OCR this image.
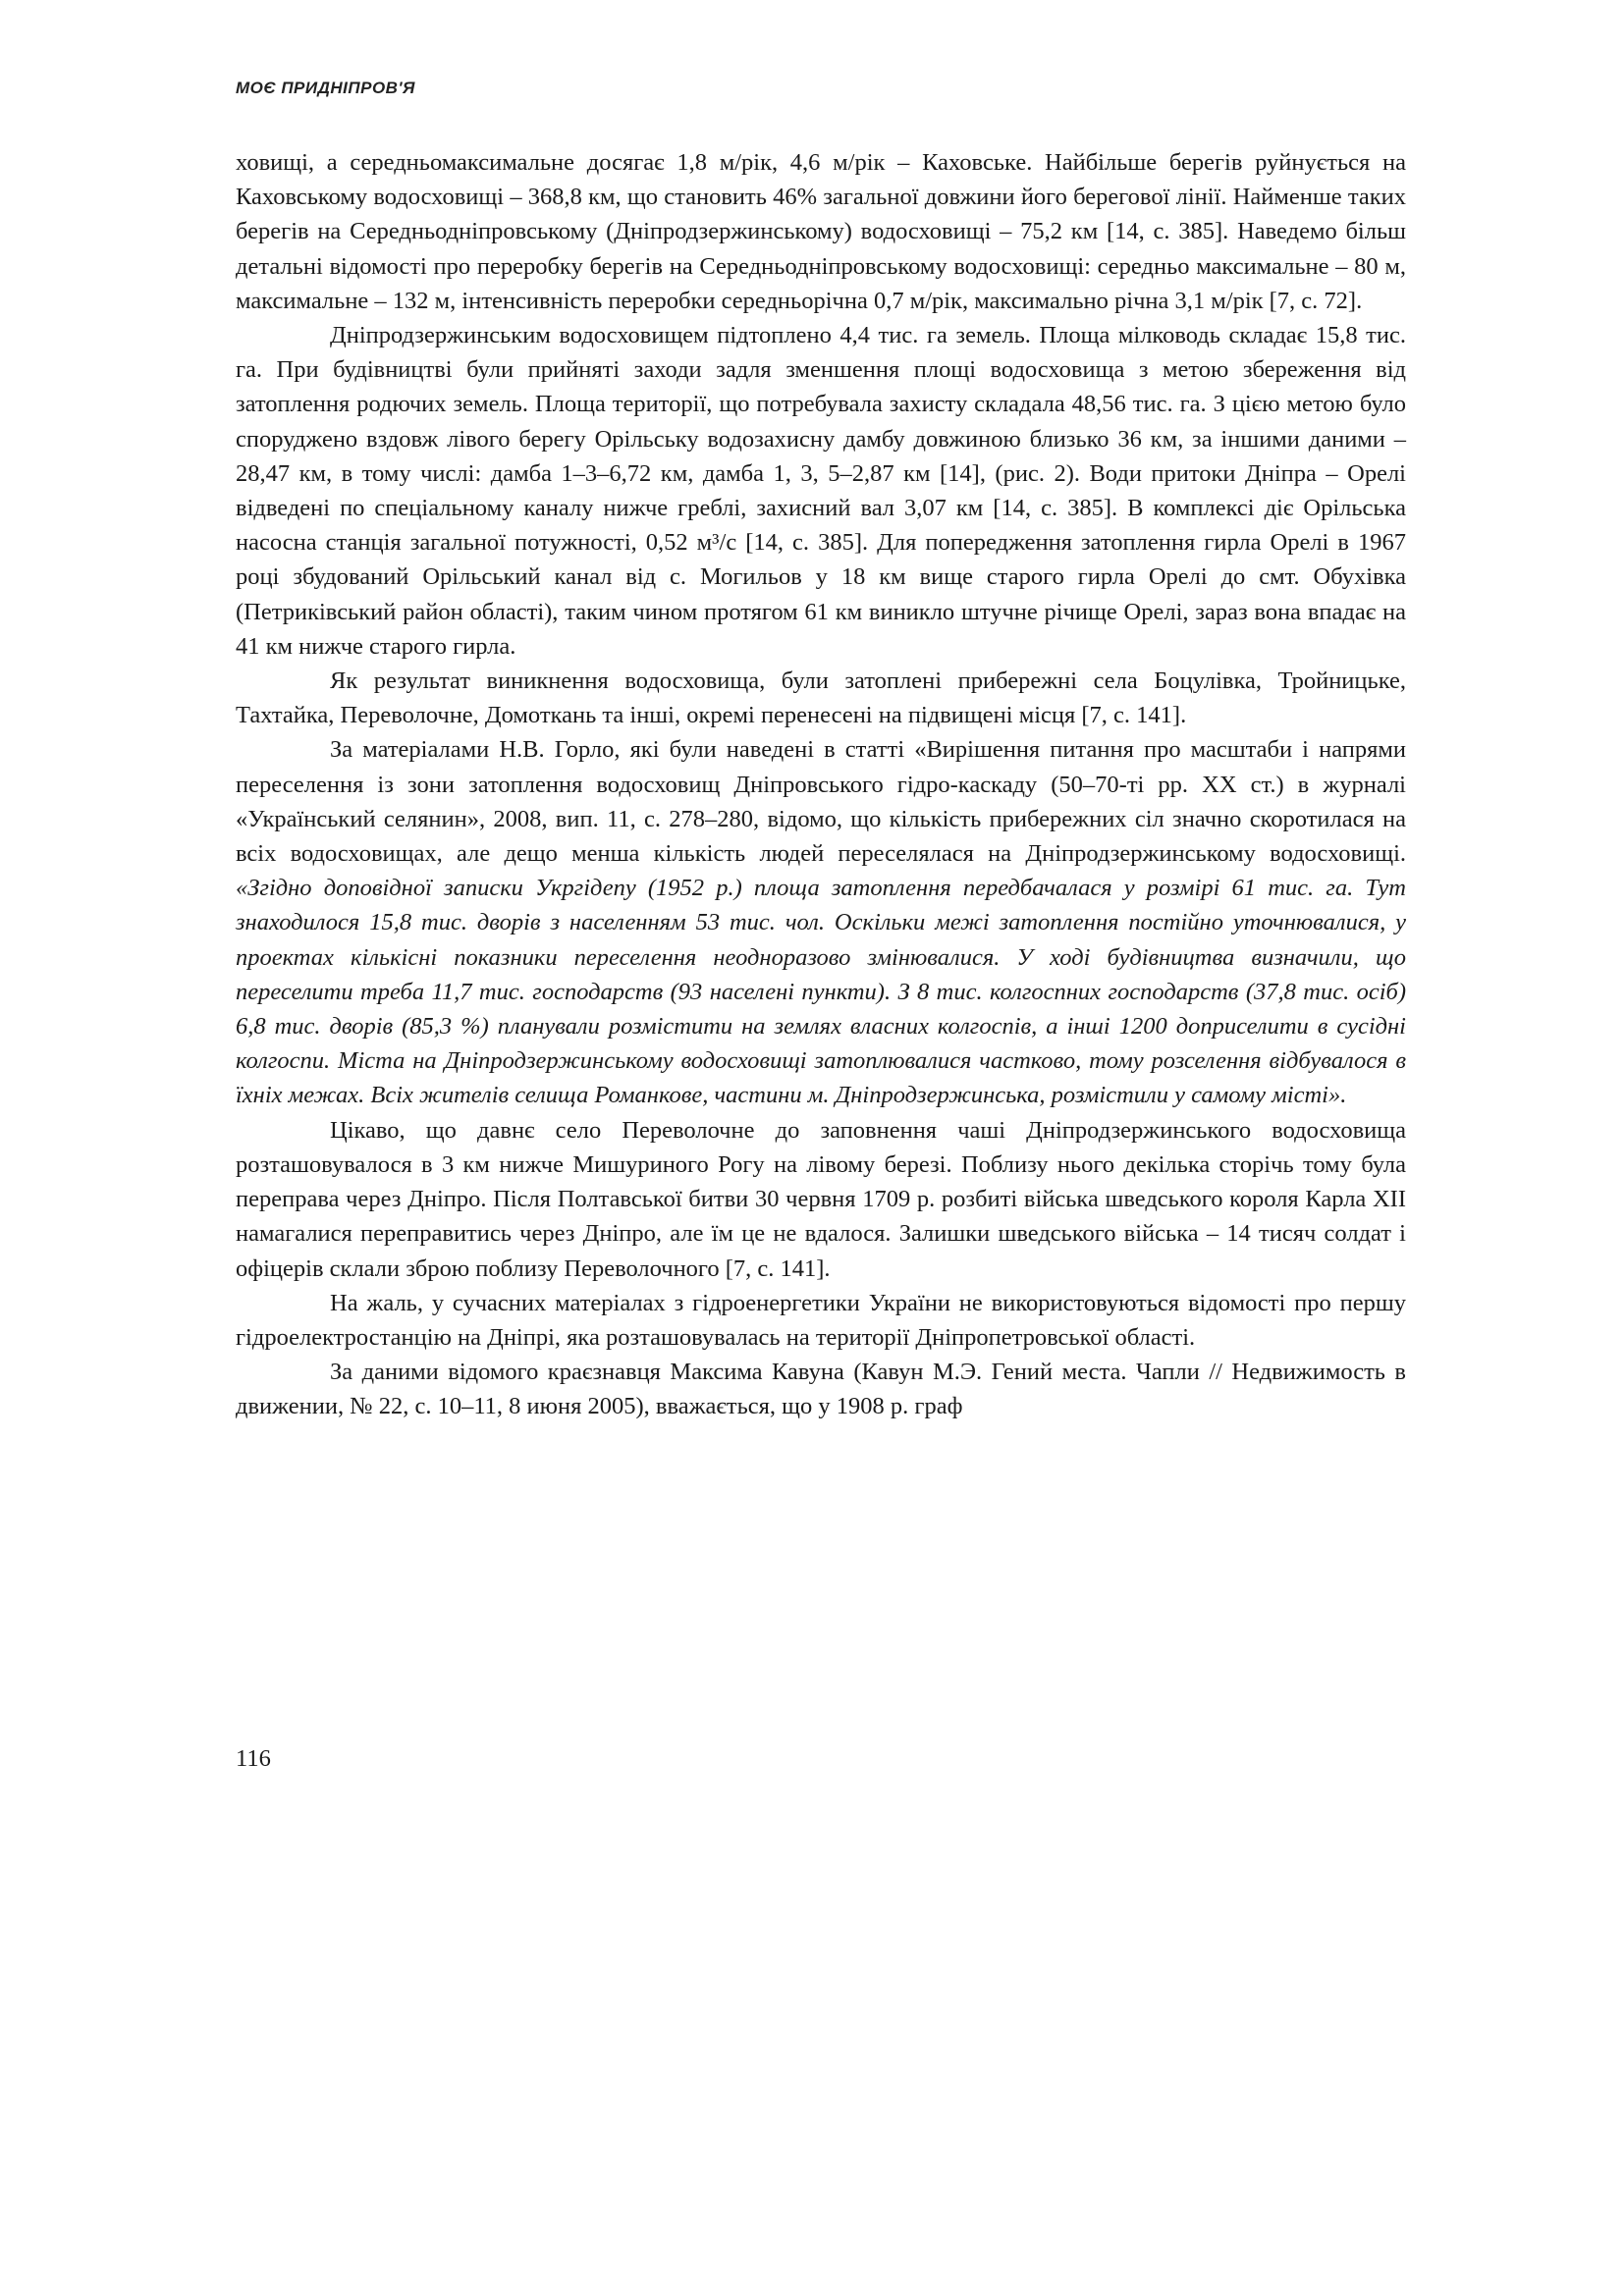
МОЄ ПРИДНІПРОВ'Я

ховищі, а середньомаксимальне досягає 1,8 м/рік, 4,6 м/рік – Каховське. Найбільше берегів руйнується на Каховському водосховищі – 368,8 км, що становить 46% загальної довжини його берегової лінії. Найменше таких берегів на Середньодніпровському (Дніпродзержинському) водосховищі – 75,2 км [14, с. 385]. Наведемо більш детальні відомості про переробку берегів на Середньодніпровському водосховищі: середньо максимальне – 80 м, максимальне – 132 м, інтенсивність переробки середньорічна 0,7 м/рік, максимально річна 3,1 м/рік [7, с. 72].

Дніпродзержинським водосховищем підтоплено 4,4 тис. га земель. Площа мілководь складає 15,8 тис. га. При будівництві були прийняті заходи задля зменшення площі водосховища з метою збереження від затоплення родючих земель. Площа території, що потребувала захисту складала 48,56 тис. га. З цією метою було споруджено вздовж лівого берегу Орільську водозахисну дамбу довжиною близько 36 км, за іншими даними – 28,47 км, в тому числі: дамба 1–3–6,72 км, дамба 1, 3, 5–2,87 км [14], (рис. 2). Води притоки Дніпра – Орелі відведені по спеціальному каналу нижче греблі, захисний вал 3,07 км [14, с. 385]. В комплексі діє Орільська насосна станція загальної потужності, 0,52 м³/с [14, с. 385]. Для попередження затоплення гирла Орелі в 1967 році збудований Орільський канал від с. Могильов у 18 км вище старого гирла Орелі до смт. Обухівка (Петриківський район області), таким чином протягом 61 км виникло штучне річище Орелі, зараз вона впадає на 41 км нижче старого гирла.

Як результат виникнення водосховища, були затоплені прибережні села Боцулівка, Тройницьке, Тахтайка, Переволочне, Домоткань та інші, окремі перенесені на підвищені місця [7, с. 141].

За матеріалами Н.В. Горло, які були наведені в статті «Вирішення питання про масштаби і напрями переселення із зони затоплення водосховищ Дніпровського гідро-каскаду (50–70-ті рр. XX ст.) в журналі «Український селянин», 2008, вип. 11, с. 278–280, відомо, що кількість прибережних сіл значно скоротилася на всіх водосховищах, але дещо менша кількість людей переселялася на Дніпродзержинському водосховищі. «Згідно доповідної записки Укргідепу (1952 р.) площа затоплення передбачалася у розмірі 61 тис. га. Тут знаходилося 15,8 тис. дворів з населенням 53 тис. чол. Оскільки межі затоплення постійно уточнювалися, у проектах кількісні показники переселення неодноразово змінювалися. У ході будівництва визначили, що переселити треба 11,7 тис. господарств (93 населені пункти). З 8 тис. колгоспних господарств (37,8 тис. осіб) 6,8 тис. дворів (85,3 %) планували розмістити на землях власних колгоспів, а інші 1200 доприселити в сусідні колгоспи. Міста на Дніпродзержинському водосховищі затоплювалися частково, тому розселення відбувалося в їхніх межах. Всіх жителів селища Романкове, частини м. Дніпродзержинська, розмістили у самому місті».

Цікаво, що давнє село Переволочне до заповнення чаші Дніпродзержинського водосховища розташовувалося в 3 км нижче Мишуриного Рогу на лівому березі. Поблизу нього декілька сторічь тому була переправа через Дніпро. Після Полтавської битви 30 червня 1709 р. розбиті війська шведського короля Карла XII намагалися переправитись через Дніпро, але їм це не вдалося. Залишки шведського війська – 14 тисяч солдат і офіцерів склали зброю поблизу Переволочного [7, с. 141].

На жаль, у сучасних матеріалах з гідроенергетики України не використовуються відомості про першу гідроелектростанцію на Дніпрі, яка розташовувалась на території Дніпропетровської області.

За даними відомого краєзнавця Максима Кавуна (Кавун М.Э. Гений места. Чапли // Недвижимость в движении, № 22, с. 10–11, 8 июня 2005), вважається, що у 1908 р. граф

116
